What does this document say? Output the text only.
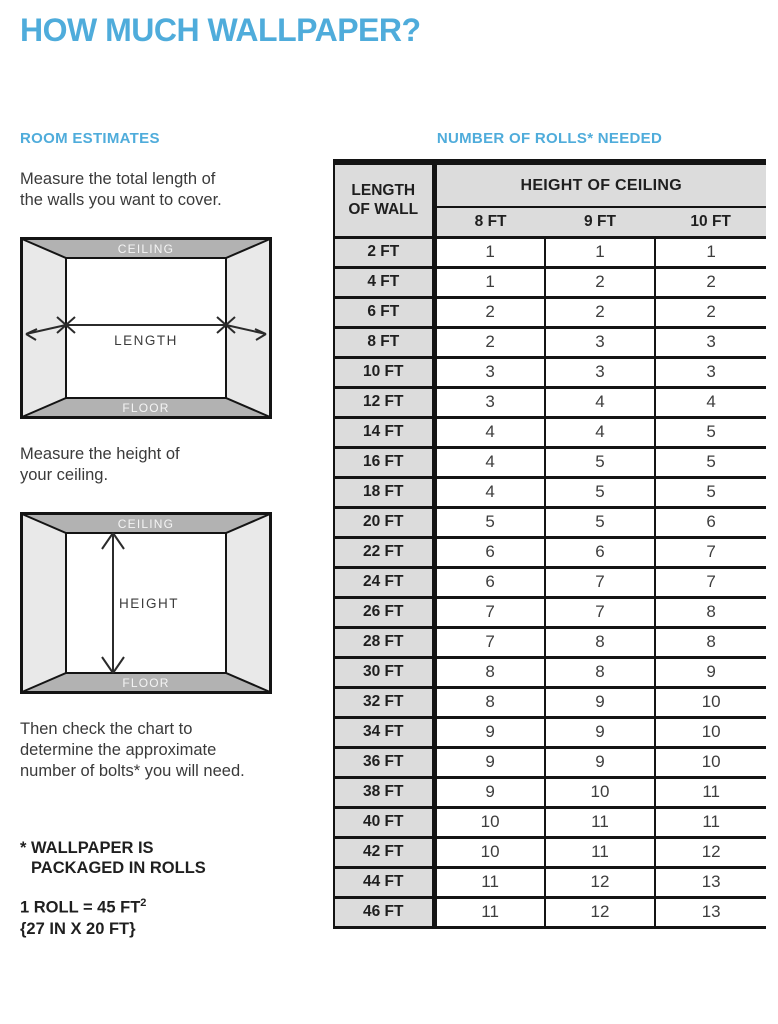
HOW MUCH WALLPAPER?
ROOM ESTIMATES
Measure the total length of
the walls you want to cover.
CEILING
FLOOR
LENGTH
Measure the height of
your ceiling.
CEILING
FLOOR
HEIGHT
Then check the chart to
determine the approximate
number of bolts* you will need.
* WALLPAPER IS
PACKAGED IN ROLLS
1 ROLL = 45 $FT^2$
{27 IN X 20 FT}
NUMBER OF ROLLS* NEEDED
LENGTH
OF WALL	HEIGHT OF CEILING		
	8 FT	9 FT	10 FT
2 FT	1	1	1
4 FT	1	2	2
6 FT	2	2	2
8 FT	2	3	3
10 FT	3	3	3
12 FT	3	4	4
14 FT	4	4	5
16 FT	4	5	5
18 FT	4	5	5
20 FT	5	5	6
22 FT	6	6	7
24 FT	6	7	7
26 FT	7	7	8
28 FT	7	8	8
30 FT	8	8	9
32 FT	8	9	10
34 FT	9	9	10
36 FT	9	9	10
38 FT	9	10	11
40 FT	10	11	11
42 FT	10	11	12
44 FT	11	12	13
46 FT	11	12	13
